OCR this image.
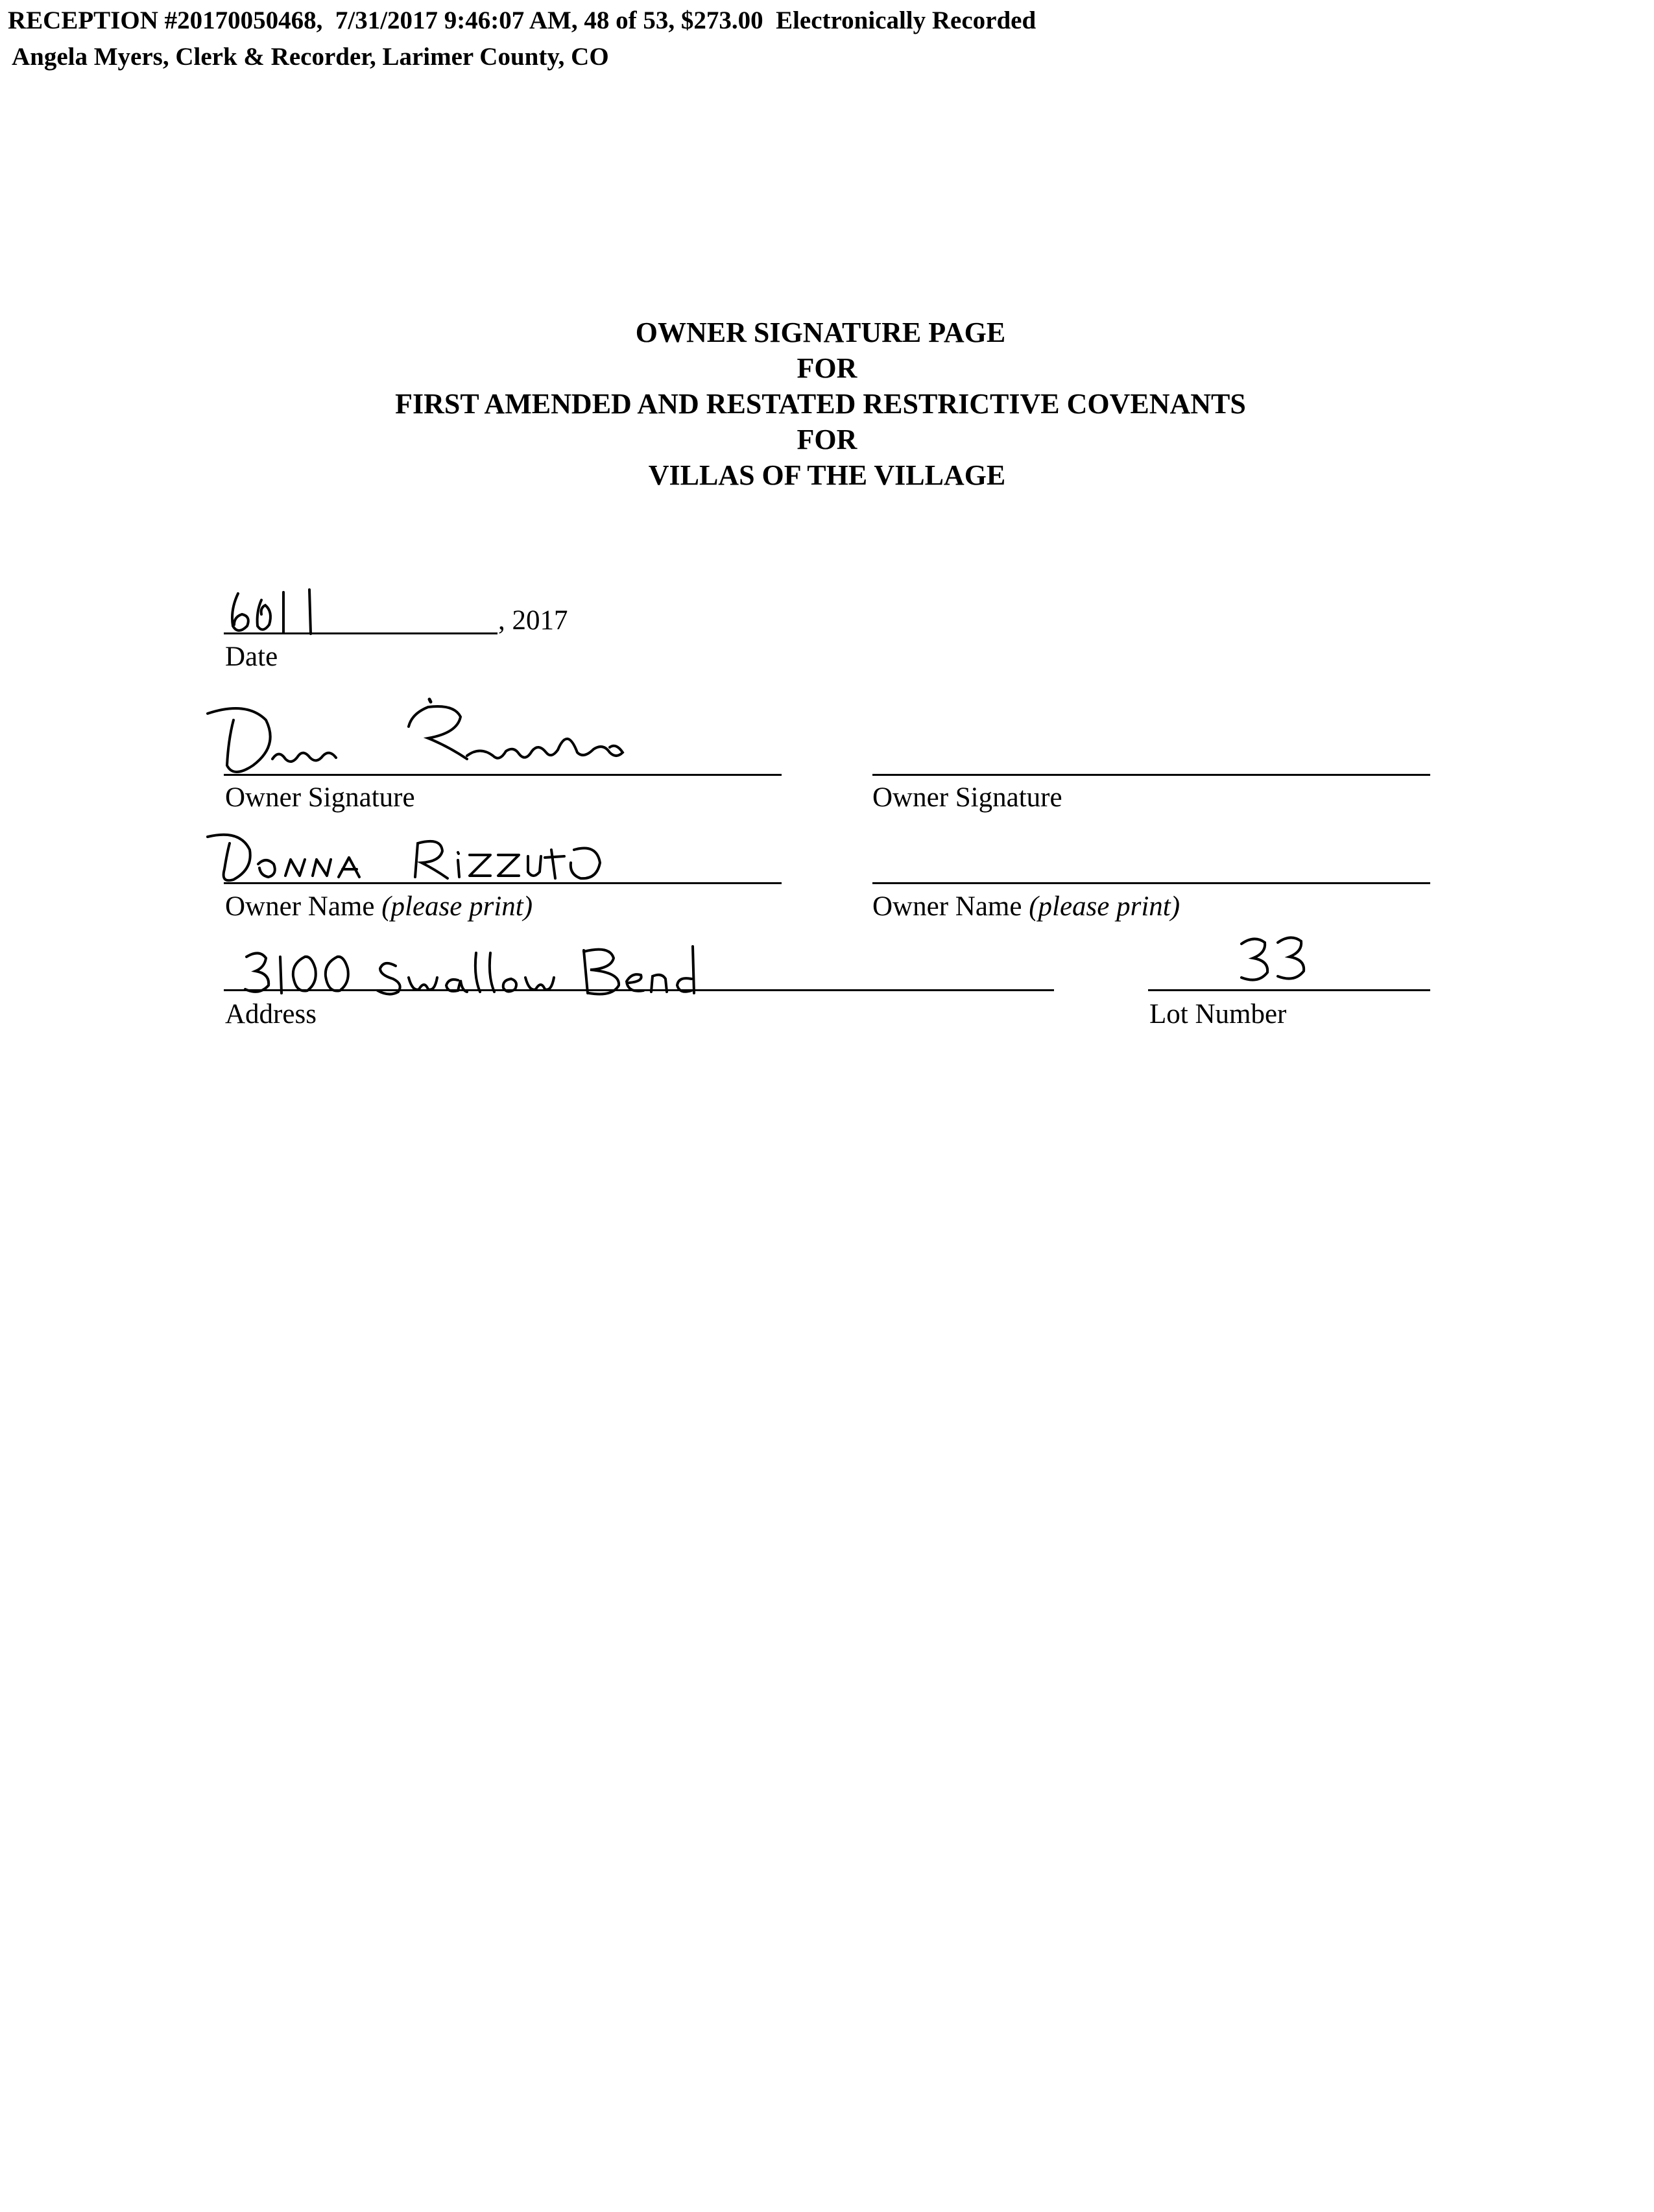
RECEPTION #20170050468,  7/31/2017 9:46:07 AM, 48 of 53, $273.00  Electronically Recorded
Angela Myers, Clerk & Recorder, Larimer County, CO
OWNER SIGNATURE PAGE
FOR
FIRST AMENDED AND RESTATED RESTRICTIVE COVENANTS
FOR
VILLAS OF THE VILLAGE
, 2017
Date
Owner Signature	Owner Signature
Owner Name (please print)	Owner Name (please print)
Address	Lot Number
